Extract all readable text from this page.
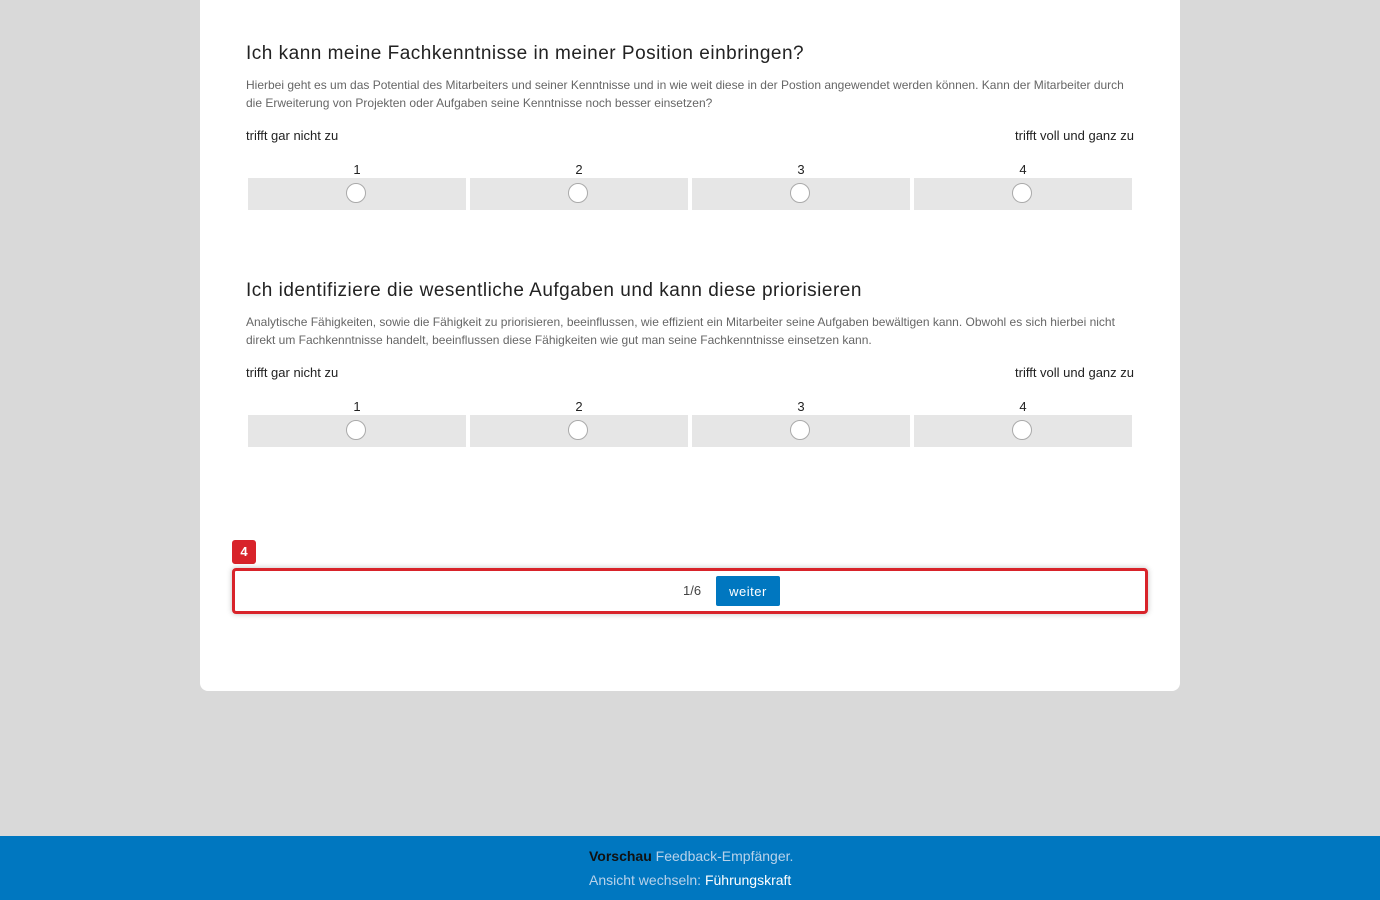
Ich kann meine Fachkenntnisse in meiner Position einbringen?

Hierbei geht es um das Potential des Mitarbeiters und seiner Kenntnisse und in wie weit diese in der Postion angewendet werden können. Kann der Mitarbeiter durch die Erweiterung von Projekten oder Aufgaben seine Kenntnisse noch besser einsetzen?

trifft gar nicht zu	trifft voll und ganz zu
1	2	3	4
Ich identifiziere die wesentliche Aufgaben und kann diese priorisieren

Analytische Fähigkeiten, sowie die Fähigkeit zu priorisieren, beeinflussen, wie effizient ein Mitarbeiter seine Aufgaben bewältigen kann. Obwohl es sich hierbei nicht direkt um Fachkenntnisse handelt, beeinflussen diese Fähigkeiten wie gut man seine Fachkenntnisse einsetzen kann.

trifft gar nicht zu	trifft voll und ganz zu
1	2	3	4
4
1/6	weiter
Vorschau Feedback-Empfänger.
Ansicht wechseln: Führungskraft
